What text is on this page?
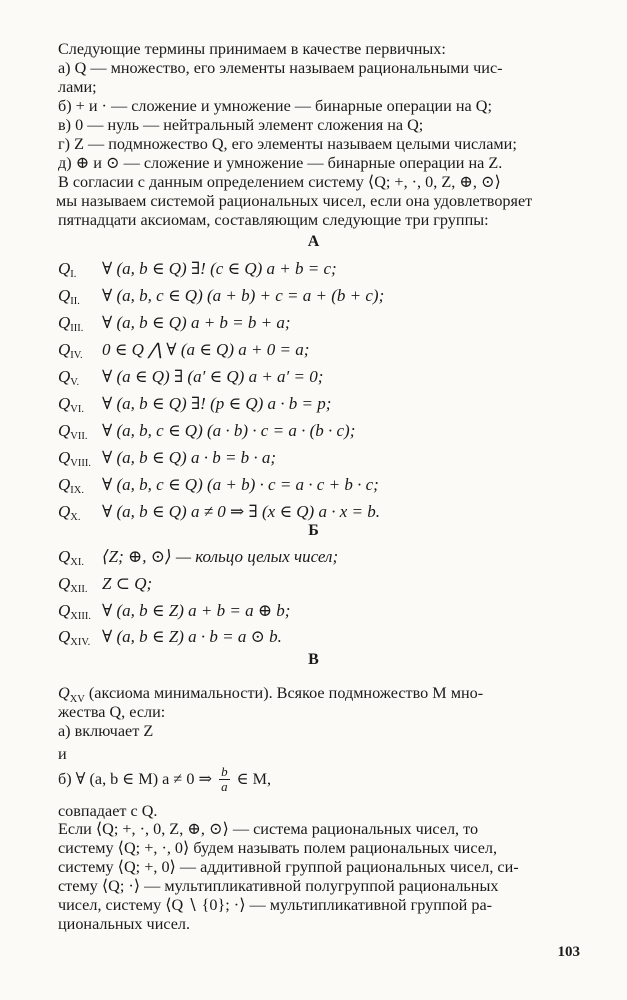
Следующие термины принимаем в качестве первичных:
а) Q — множество, его элементы называем рациональными чис-
лами;
б) + и · — сложение и умножение — бинарные операции на Q;
в) 0 — нуль — нейтральный элемент сложения на Q;
г) Z — подмножество Q, его элементы называем целыми числами;
д) ⊕ и ⊙ — сложение и умножение — бинарные операции на Z.
В согласии с данным определением систему ⟨Q; +, ·, 0, Z, ⊕, ⊙⟩
мы называем системой рациональных чисел, если она удовлетворяет
пятнадцати аксиомам, составляющим следующие три группы:
А
$Q_{I.}$ ∀ (a, b ∈ Q) ∃! (c ∈ Q) a + b = c;
$Q_{II.}$ ∀ (a, b, c ∈ Q) (a + b) + c = a + (b + c);
$Q_{III.}$ ∀ (a, b ∈ Q) a + b = b + a;
$Q_{IV.}$ 0 ∈ Q ⋀ ∀ (a ∈ Q) a + 0 = a;
$Q_{V.}$ ∀ (a ∈ Q) ∃ (a′ ∈ Q) a + a′ = 0;
$Q_{VI.}$ ∀ (a, b ∈ Q) ∃! (p ∈ Q) a · b = p;
$Q_{VII.}$ ∀ (a, b, c ∈ Q) (a · b) · c = a · (b · c);
$Q_{VIII.}$ ∀ (a, b ∈ Q) a · b = b · a;
$Q_{IX.}$ ∀ (a, b, c ∈ Q) (a + b) · c = a · c + b · c;
$Q_{X.}$ ∀ (a, b ∈ Q) a ≠ 0 ⇒ ∃ (x ∈ Q) a · x = b.
Б
$Q_{XI.}$ ⟨Z; ⊕, ⊙⟩ — кольцо целых чисел;
$Q_{XII.}$ Z ⊂ Q;
$Q_{XIII.}$ ∀ (a, b ∈ Z) a + b = a ⊕ b;
$Q_{XIV.}$ ∀ (a, b ∈ Z) a · b = a ⊙ b.
В
$Q_{XV}$ (аксиома минимальности). Всякое подмножество M мно-
жества Q, если:
а) включает Z
и
б) ∀ (a, b ∈ M) a ≠ 0 ⇒ $\frac{b}{a}$ ∈ M,
совпадает с Q.
Если ⟨Q; +, ·, 0, Z, ⊕, ⊙⟩ — система рациональных чисел, то
систему ⟨Q; +, ·, 0⟩ будем называть полем рациональных чисел,
систему ⟨Q; +, 0⟩ — аддитивной группой рациональных чисел, си-
стему ⟨Q; ·⟩ — мультипликативной полугруппой рациональных
чисел, систему ⟨Q ∖ {0}; ·⟩ — мультипликативной группой ра-
циональных чисел.
103
